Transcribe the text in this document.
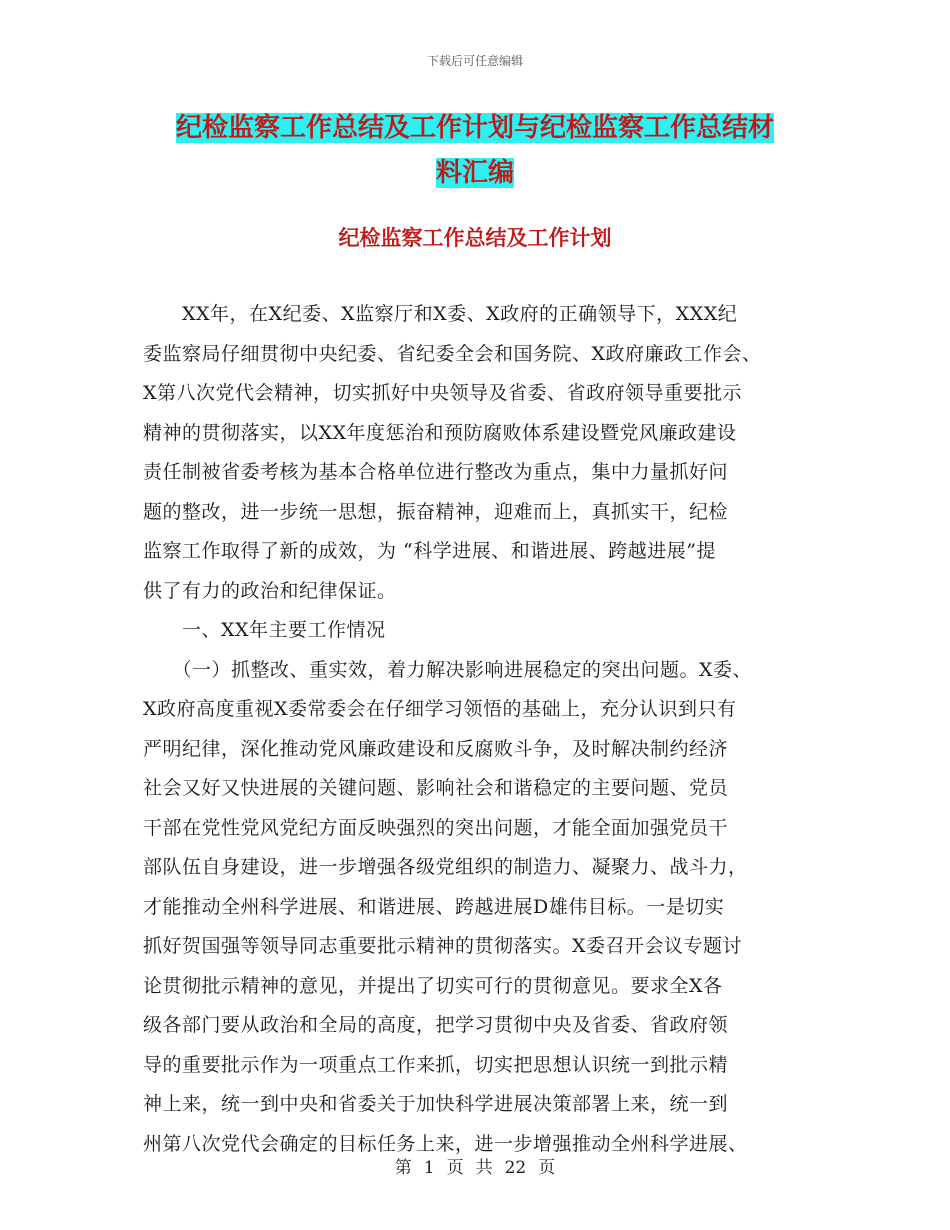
下载后可任意编辑
纪检监察工作总结及工作计划与纪检监察工作总结材
料汇编
纪检监察工作总结及工作计划
　　XX年，在X纪委、X监察厅和X委、X政府的正确领导下，XXX纪
委监察局仔细贯彻中央纪委、省纪委全会和国务院、X政府廉政工作会、
X第八次党代会精神，切实抓好中央领导及省委、省政府领导重要批示
精神的贯彻落实，以XX年度惩治和预防腐败体系建设暨党风廉政建设
责任制被省委考核为基本合格单位进行整改为重点，集中力量抓好问
题的整改，进一步统一思想，振奋精神，迎难而上，真抓实干，纪检
监察工作取得了新的成效，为 “科学进展、和谐进展、跨越进展”提
供了有力的政治和纪律保证。
　　一、XX年主要工作情况
　　（一）抓整改、重实效，着力解决影响进展稳定的突出问题。X委、
X政府高度重视X委常委会在仔细学习领悟的基础上，充分认识到只有
严明纪律，深化推动党风廉政建设和反腐败斗争，及时解决制约经济
社会又好又快进展的关键问题、影响社会和谐稳定的主要问题、党员
干部在党性党风党纪方面反映强烈的突出问题，才能全面加强党员干
部队伍自身建设，进一步增强各级党组织的制造力、凝聚力、战斗力，
才能推动全州科学进展、和谐进展、跨越进展D雄伟目标。一是切实
抓好贺国强等领导同志重要批示精神的贯彻落实。X委召开会议专题讨
论贯彻批示精神的意见，并提出了切实可行的贯彻意见。要求全X各
级各部门要从政治和全局的高度，把学习贯彻中央及省委、省政府领
导的重要批示作为一项重点工作来抓，切实把思想认识统一到批示精
神上来，统一到中央和省委关于加快科学进展决策部署上来，统一到
州第八次党代会确定的目标任务上来，进一步增强推动全州科学进展、
第 1 页 共 22 页
